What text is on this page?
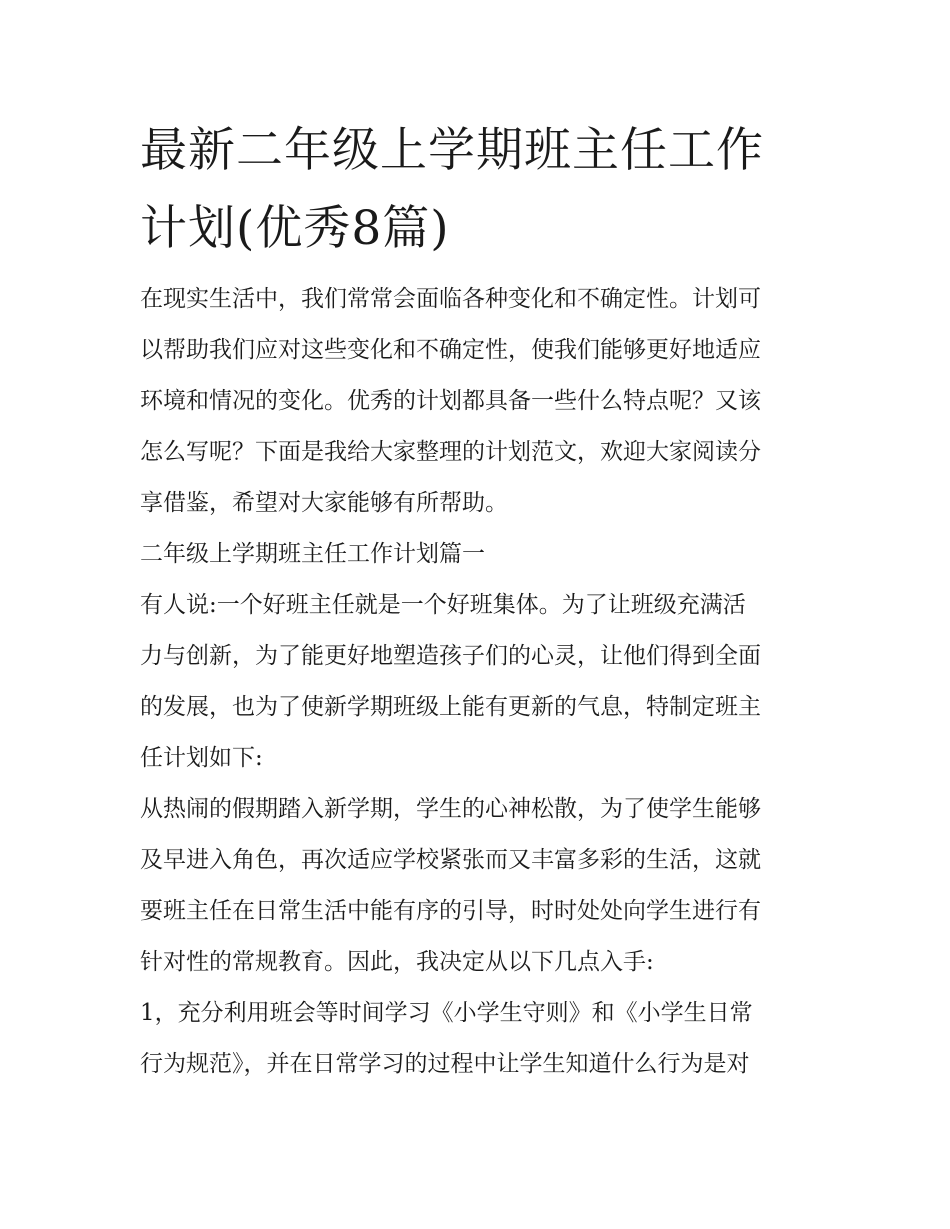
最新二年级上学期班主任工作
计划(优秀8篇)

在现实生活中，我们常常会面临各种变化和不确定性。计划可
以帮助我们应对这些变化和不确定性，使我们能够更好地适应
环境和情况的变化。优秀的计划都具备一些什么特点呢？又该
怎么写呢？下面是我给大家整理的计划范文，欢迎大家阅读分
享借鉴，希望对大家能够有所帮助。

二年级上学期班主任工作计划篇一

有人说:一个好班主任就是一个好班集体。为了让班级充满活
力与创新，为了能更好地塑造孩子们的心灵，让他们得到全面
的发展，也为了使新学期班级上能有更新的气息，特制定班主
任计划如下:

从热闹的假期踏入新学期，学生的心神松散，为了使学生能够
及早进入角色，再次适应学校紧张而又丰富多彩的生活，这就
要班主任在日常生活中能有序的引导，时时处处向学生进行有
针对性的常规教育。因此，我决定从以下几点入手:

1，充分利用班会等时间学习《小学生守则》和《小学生日常
行为规范》，并在日常学习的过程中让学生知道什么行为是对
